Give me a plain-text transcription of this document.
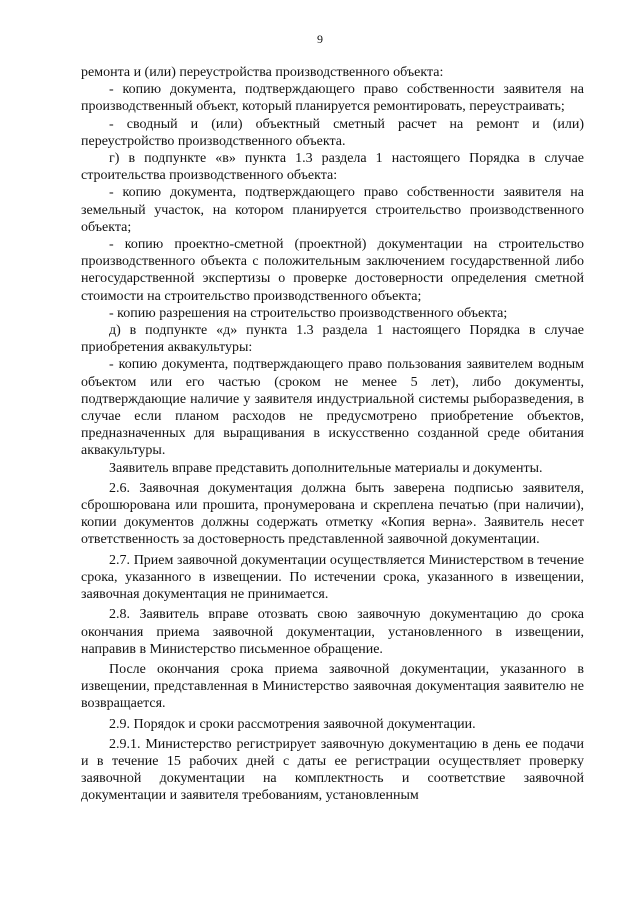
9

ремонта и (или) переустройства производственного объекта:

- копию документа, подтверждающего право собственности заявителя на производственный объект, который планируется ремонтировать, переустраивать;

- сводный и (или) объектный сметный расчет на ремонт и (или) переустройство производственного объекта.

г) в подпункте «в» пункта 1.3 раздела 1 настоящего Порядка в случае строительства производственного объекта:

- копию документа, подтверждающего право собственности заявителя на земельный участок, на котором планируется строительство производственного объекта;

- копию проектно-сметной (проектной) документации на строительство производственного объекта с положительным заключением государственной либо негосударственной экспертизы о проверке достоверности определения сметной стоимости на строительство производственного объекта;

- копию разрешения на строительство производственного объекта;

д) в подпункте «д» пункта 1.3 раздела 1 настоящего Порядка в случае приобретения аквакультуры:

- копию документа, подтверждающего право пользования заявителем водным объектом или его частью (сроком не менее 5 лет), либо документы, подтверждающие наличие у заявителя индустриальной системы рыборазведения, в случае если планом расходов не предусмотрено приобретение объектов, предназначенных для выращивания в искусственно созданной среде обитания аквакультуры.

Заявитель вправе представить дополнительные материалы и документы.

2.6. Заявочная документация должна быть заверена подписью заявителя, сброшюрована или прошита, пронумерована и скреплена печатью (при наличии), копии документов должны содержать отметку «Копия верна». Заявитель несет ответственность за достоверность представленной заявочной документации.

2.7. Прием заявочной документации осуществляется Министерством в течение срока, указанного в извещении. По истечении срока, указанного в извещении, заявочная документация не принимается.

2.8. Заявитель вправе отозвать свою заявочную документацию до срока окончания приема заявочной документации, установленного в извещении, направив в Министерство письменное обращение.

После окончания срока приема заявочной документации, указанного в извещении, представленная в Министерство заявочная документация заявителю не возвращается.

2.9. Порядок и сроки рассмотрения заявочной документации.

2.9.1. Министерство регистрирует заявочную документацию в день ее подачи и в течение 15 рабочих дней с даты ее регистрации осуществляет проверку заявочной документации на комплектность и соответствие заявочной документации и заявителя требованиям, установленным
